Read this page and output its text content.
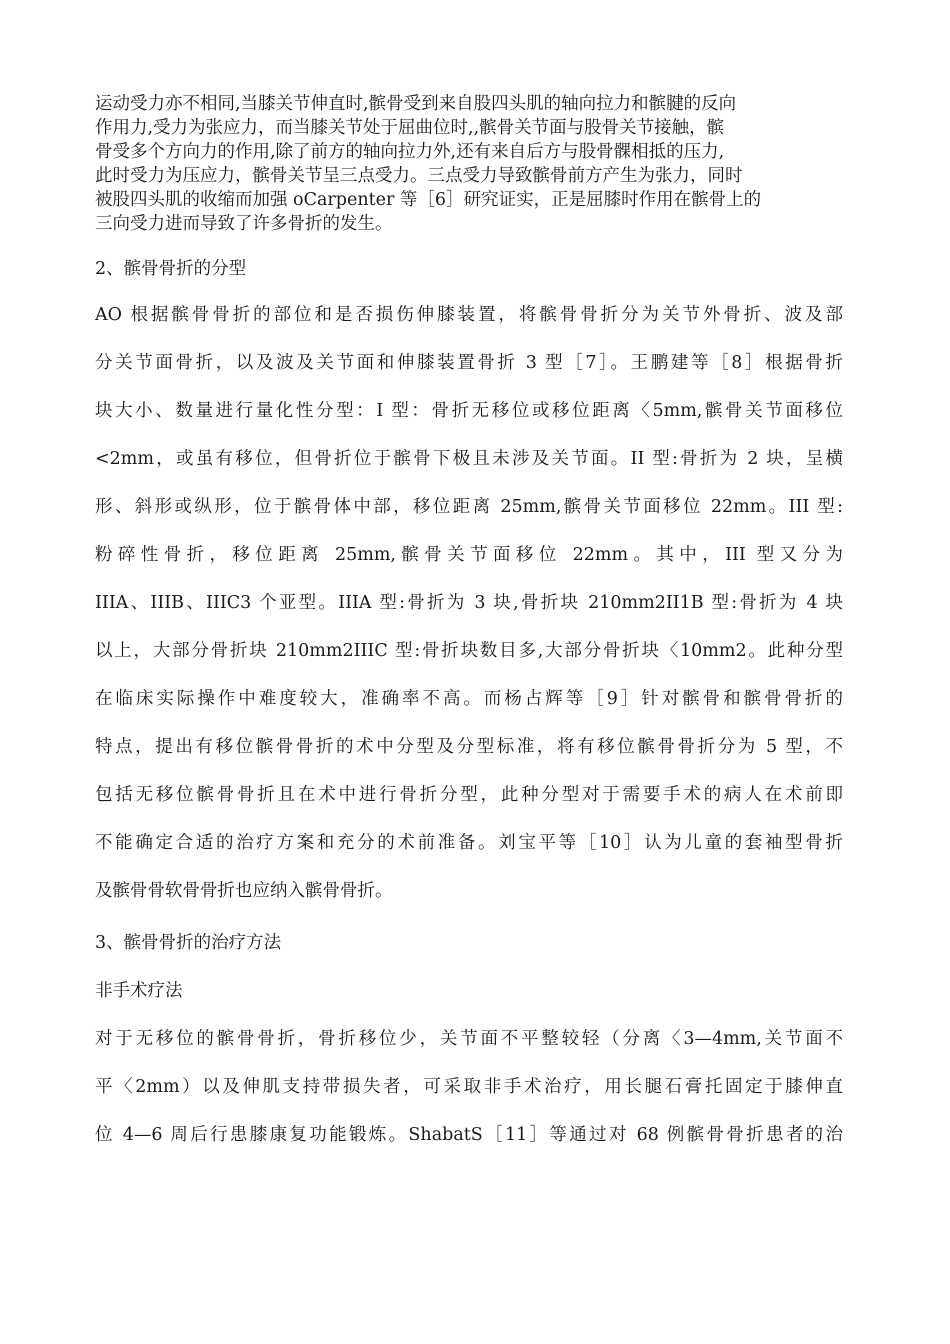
运动受力亦不相同,当膝关节伸直时,髌骨受到来自股四头肌的轴向拉力和髌腱的反向
作用力,受力为张应力，而当膝关节处于屈曲位时,,髌骨关节面与股骨关节接触，髌
骨受多个方向力的作用,除了前方的轴向拉力外,还有来自后方与股骨髁相抵的压力,
此时受力为压应力，髌骨关节呈三点受力。三点受力导致髌骨前方产生为张力，同时
被股四头肌的收缩而加强 oCarpenter 等［6］研究证实，正是屈膝时作用在髌骨上的
三向受力进而导致了许多骨折的发生。
2、髌骨骨折的分型
AO 根据髌骨骨折的部位和是否损伤伸膝装置，将髌骨骨折分为关节外骨折、波及部
分关节面骨折，以及波及关节面和伸膝装置骨折 3 型［7］。王鹏建等［8］根据骨折
块大小、数量进行量化性分型：I 型：骨折无移位或移位距离〈5mm,髌骨关节面移位
<2mm，或虽有移位，但骨折位于髌骨下极且未涉及关节面。II 型:骨折为 2 块，呈横
形、斜形或纵形，位于髌骨体中部，移位距离 25mm,髌骨关节面移位 22mm。III 型:
粉碎性骨折，移位距离 25mm,髌骨关节面移位 22mm。其中，III 型又分为
IIIA、IIIB、IIIC3 个亚型。IIIA 型:骨折为 3 块,骨折块 210mm2II1B 型:骨折为 4 块
以上，大部分骨折块 210mm2IIIC 型:骨折块数目多,大部分骨折块〈10mm2。此种分型
在临床实际操作中难度较大，准确率不高。而杨占辉等［9］针对髌骨和髌骨骨折的
特点，提出有移位髌骨骨折的术中分型及分型标准，将有移位髌骨骨折分为 5 型，不
包括无移位髌骨骨折且在术中进行骨折分型，此种分型对于需要手术的病人在术前即
不能确定合适的治疗方案和充分的术前准备。刘宝平等［10］认为儿童的套袖型骨折
及髌骨骨软骨骨折也应纳入髌骨骨折。
3、髌骨骨折的治疗方法
非手术疗法
对于无移位的髌骨骨折，骨折移位少，关节面不平整较轻（分离〈3—4mm,关节面不
平〈2mm）以及伸肌支持带损失者，可采取非手术治疗，用长腿石膏托固定于膝伸直
位 4—6 周后行患膝康复功能锻炼。ShabatS［11］等通过对 68 例髌骨骨折患者的治
